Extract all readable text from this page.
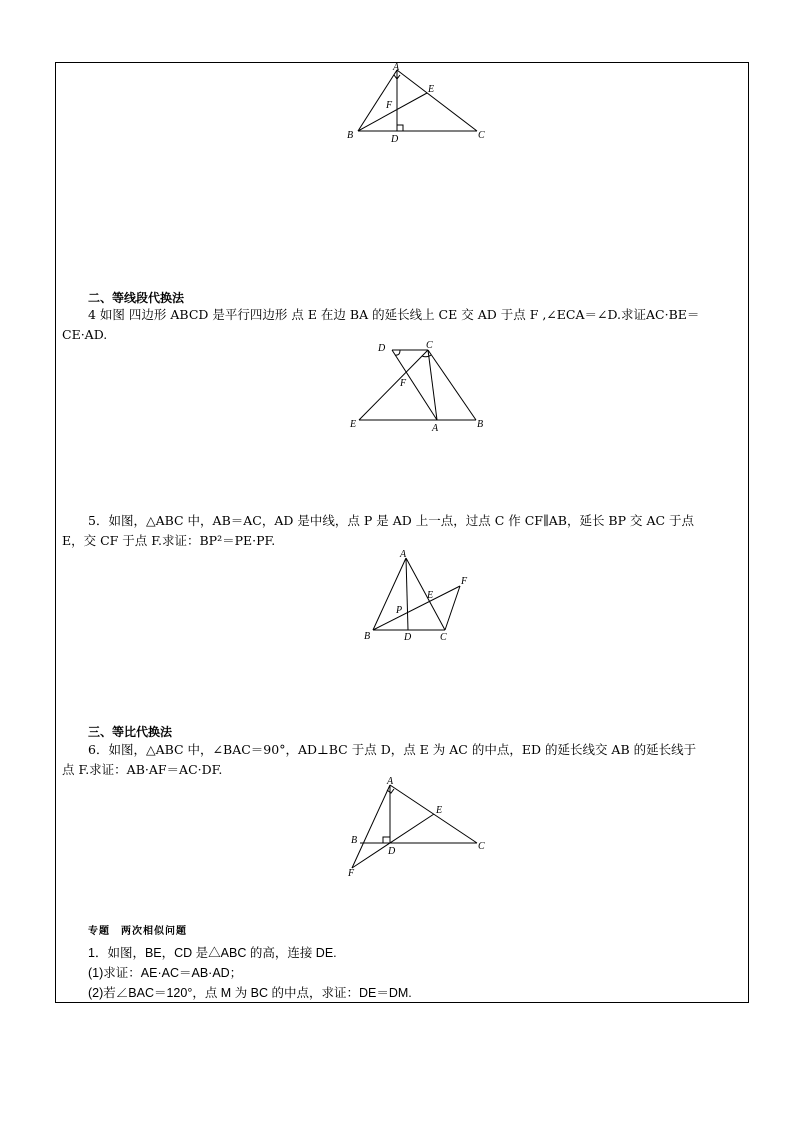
A
E
F
B	D	C
二、等线段代换法
4 如图 四边形 ABCD 是平行四边形 点 E 在边 BA 的延长线上 CE 交 AD 于点 F ,∠ECA＝∠D.求证AC·BE＝
CE·AD.
D	C
F
E	A	B
5．如图，△ABC 中，AB＝AC，AD 是中线，点 P 是 AD 上一点，过点 C 作 CF∥AB，延长 BP 交 AC 于点
E，交 CF 于点 F.求证：BP²＝PE·PF.
A
F
E
P
B	D	C
三、等比代换法
6．如图，△ABC 中，∠BAC＝90°，AD⊥BC 于点 D，点 E 为 AC 的中点，ED 的延长线交 AB 的延长线于
点 F.求证：AB·AF＝AC·DF.
A
E
B
D	C
F
专题　两次相似问题
1．如图，BE，CD 是△ABC 的高，连接 DE.
(1)求证：AE·AC＝AB·AD；
(2)若∠BAC＝120°，点 M 为 BC 的中点，求证：DE＝DM.
